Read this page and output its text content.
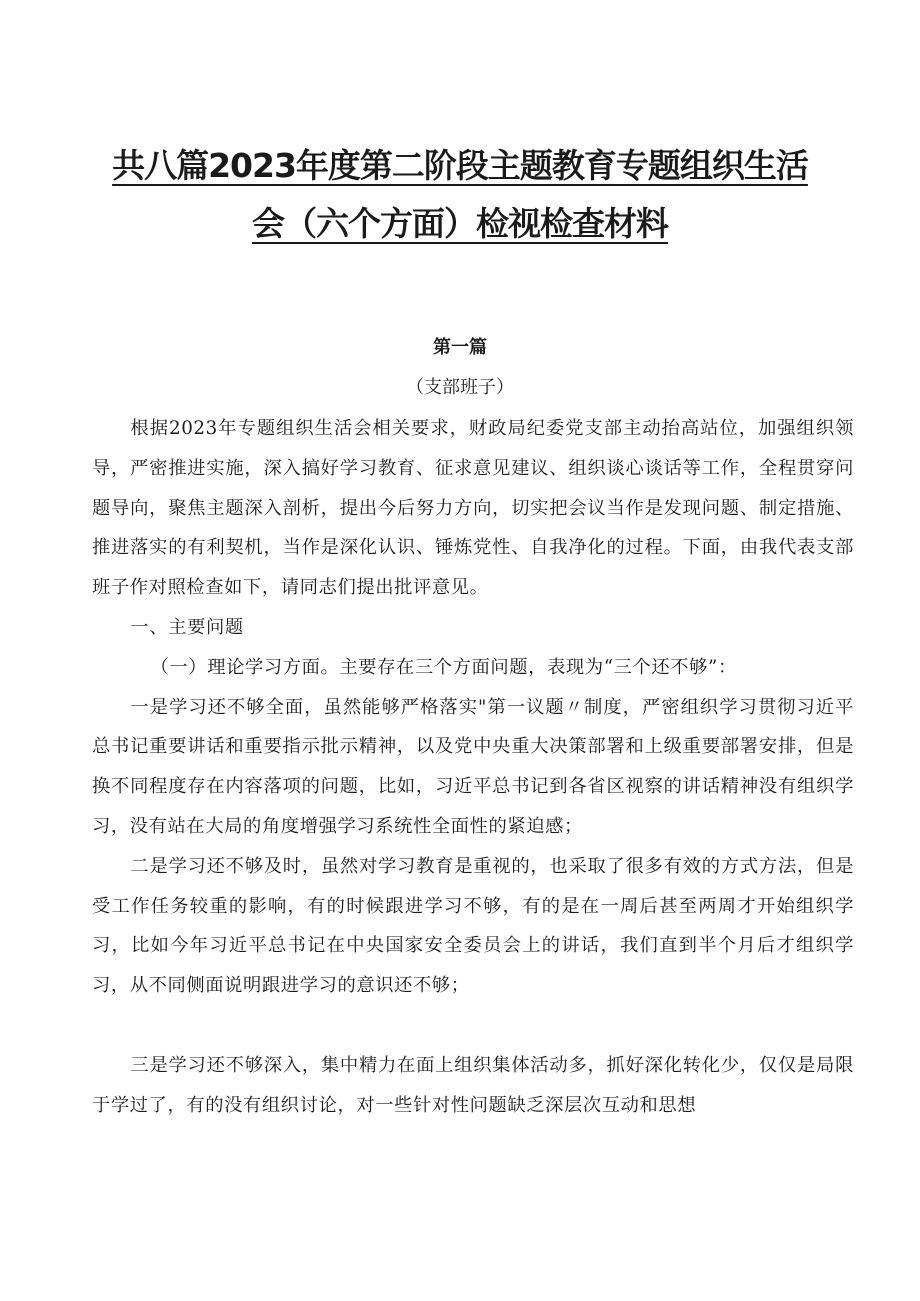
共八篇2023年度第二阶段主题教育专题组织生活
会（六个方面）检视检查材料
第一篇
（支部班子）

根据2023年专题组织生活会相关要求，财政局纪委党支部主动抬高站位，加强组织领导，严密推进实施，深入搞好学习教育、征求意见建议、组织谈心谈话等工作，全程贯穿问题导向，聚焦主题深入剖析，提出今后努力方向，切实把会议当作是发现问题、制定措施、推进落实的有利契机，当作是深化认识、锤炼党性、自我净化的过程。下面，由我代表支部班子作对照检查如下，请同志们提出批评意见。

一、主要问题

（一）理论学习方面。主要存在三个方面问题，表现为“三个还不够”：

一是学习还不够全面，虽然能够严格落实"第一议题〃制度，严密组织学习贯彻习近平总书记重要讲话和重要指示批示精神，以及党中央重大决策部署和上级重要部署安排，但是换不同程度存在内容落项的问题，比如，习近平总书记到各省区视察的讲话精神没有组织学习，没有站在大局的角度增强学习系统性全面性的紧迫感；

二是学习还不够及时，虽然对学习教育是重视的，也采取了很多有效的方式方法，但是受工作任务较重的影响，有的时候跟进学习不够，有的是在一周后甚至两周才开始组织学习，比如今年习近平总书记在中央国家安全委员会上的讲话，我们直到半个月后才组织学习，从不同侧面说明跟进学习的意识还不够；

三是学习还不够深入，集中精力在面上组织集体活动多，抓好深化转化少，仅仅是局限于学过了，有的没有组织讨论，对一些针对性问题缺乏深层次互动和思想
